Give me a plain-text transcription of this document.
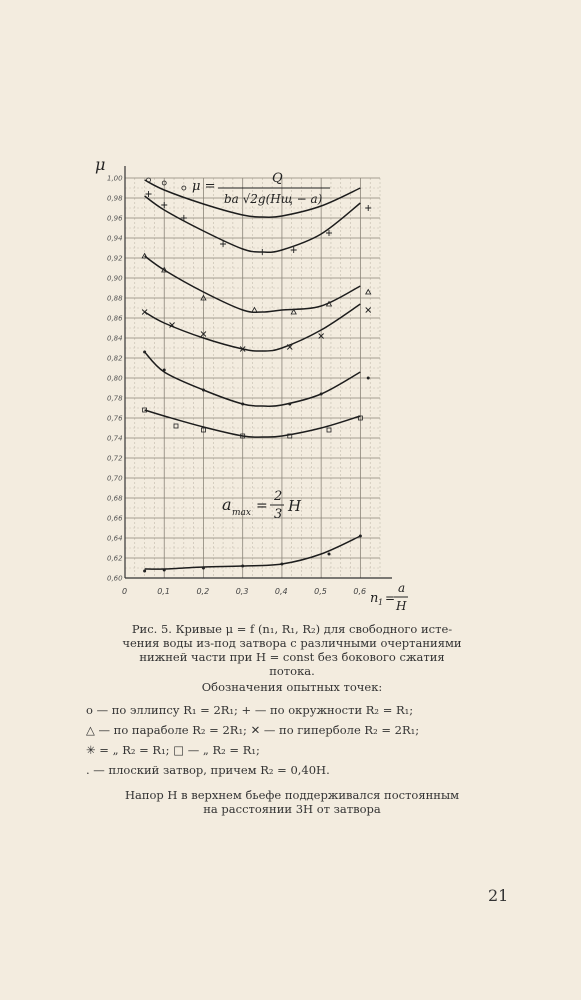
1,00
0,98
0,96
0,94
0,92
0,90
0,88
0,86
0,84
0,82
0,80
0,78
0,76
0,74
0,72
0,70
0,68
0,66
0,64
0,62
0,60
0	0,1	0,2	0,3	0,4	0,5	0,6
μ
μ =
Q
ba √2g(Hщ − a)
a max =
2
3 H
n 1 =
a
H
Рис. 5. Кривые μ = f (n₁, R₁, R₂) для свободного исте-
чения воды из-под затвора с различными очертаниями
нижней части при H = const без бокового сжатия
потока.
Обозначения опытных точек:
о — по эллипсу R₁ = 2R₁; + — по окружности R₂ = R₁;
△ — по параболе R₂ = 2R₁; ✕ — по гиперболе R₂ = 2R₁;
✳ = „ R₂ = R₁; □ — „ R₂ = R₁;
. — плоский затвор, причем R₂ = 0,40H.
Напор H в верхнем бьефе поддерживался постоянным
на расстоянии 3H от затвора
21
